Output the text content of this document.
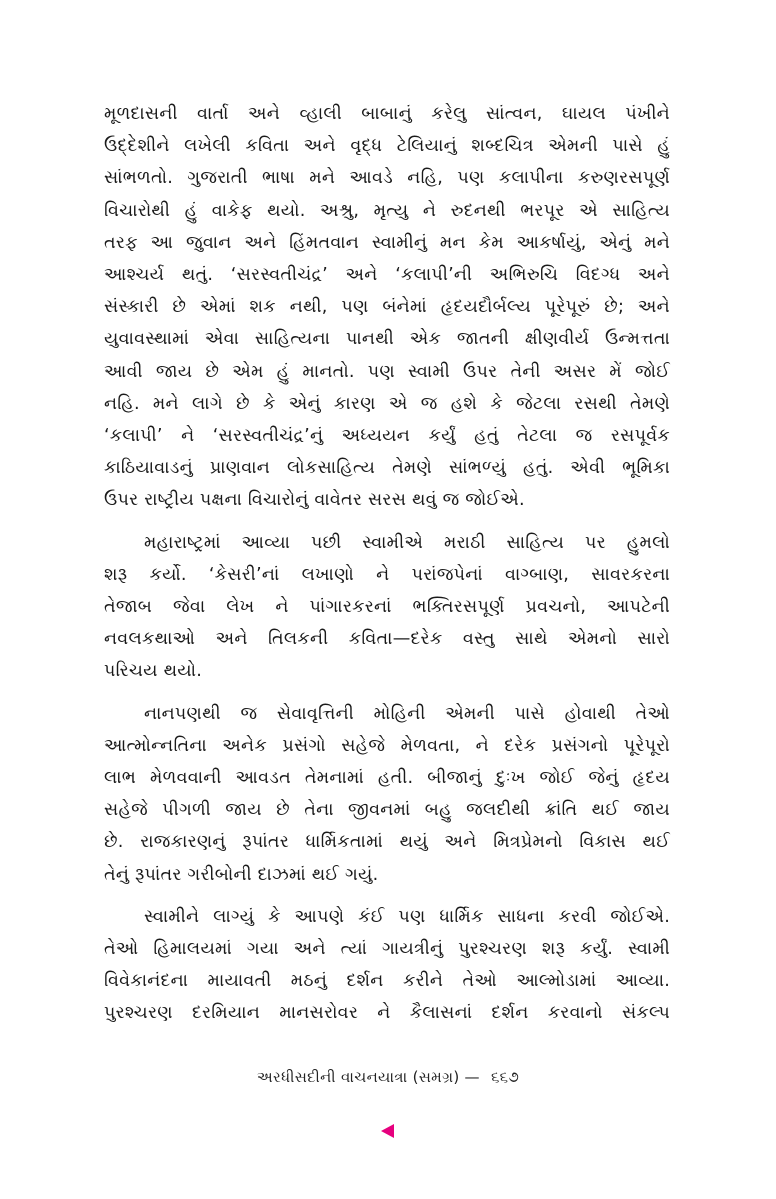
મૂળદાસની વાર્તા અને વ્હાલી બાબાનું કરેલુ સાંત્વન, ઘાયલ પંખીને
ઉદ્દેશીને લખેલી કવિતા અને વૃદ્ધ ટેલિયાનું શબ્દચિત્ર એમની પાસે હું
સાંભળતો. ગુજરાતી ભાષા મને આવડે નહિ, પણ કલાપીના કરુણરસપૂર્ણ
વિચારોથી હું વાકેફ થયો. અશ્રુ, મૃત્યુ ને રુદનથી ભરપૂર એ સાહિત્ય
તરફ આ જુવાન અને હિંમતવાન સ્વામીનું મન કેમ આકર્ષાયું, એનું મને
આશ્ચર્ય થતું. ‘સરસ્વતીચંદ્ર’ અને ‘કલાપી’ની અભિરુચિ વિદગ્ધ અને
સંસ્કારી છે એમાં શક નથી, પણ બંનેમાં હૃદયદૌર્બલ્ય પૂરેપૂરું છે; અને
યુવાવસ્થામાં એવા સાહિત્યના પાનથી એક જાતની ક્ષીણવીર્ય ઉન્મત્તતા
આવી જાય છે એમ હું માનતો. પણ સ્વામી ઉપર તેની અસર મેં જોઈ
નહિ. મને લાગે છે કે એનું કારણ એ જ હશે કે જેટલા રસથી તેમણે
‘કલાપી’ ને ‘સરસ્વતીચંદ્ર’નું અધ્યયન કર્યું હતું તેટલા જ રસપૂર્વક
કાઠિયાવાડનું પ્રાણવાન લોકસાહિત્ય તેમણે સાંભળ્યું હતું. એવી ભૂમિકા
ઉપર રાષ્ટ્રીય પક્ષના વિચારોનું વાવેતર સરસ થવું જ જોઈએ.
મહારાષ્ટ્રમાં આવ્યા પછી સ્વામીએ મરાઠી સાહિત્ય પર હુમલો
શરૂ કર્યો. ‘કેસરી’નાં લખાણો ને પરાંજપેનાં વાગ્બાણ, સાવરકરના
તેજાબ જેવા લેખ ને પાંગારકરનાં ભક્તિરસપૂર્ણ પ્રવચનો, આપટેની
નવલકથાઓ અને તિલકની કવિતા—દરેક વસ્તુ સાથે એમનો સારો
પરિચય થયો.
નાનપણથી જ સેવાવૃત્તિની મોહિની એમની પાસે હોવાથી તેઓ
આત્મોન્નતિના અનેક પ્રસંગો સહેજે મેળવતા, ને દરેક પ્રસંગનો પૂરેપૂરો
લાભ મેળવવાની આવડત તેમનામાં હતી. બીજાનું દુઃખ જોઈ જેનું હૃદય
સહેજે પીગળી જાય છે તેના જીવનમાં બહુ જલદીથી ક્રાંતિ થઈ જાય
છે. રાજકારણનું રૂપાંતર ધાર્મિકતામાં થયું અને મિત્રપ્રેમનો વિકાસ થઈ
તેનું રૂપાંતર ગરીબોની દાઝમાં થઈ ગયું.
સ્વામીને લાગ્યું કે આપણે કંઈ પણ ધાર્મિક સાધના કરવી જોઈએ.
તેઓ હિમાલયમાં ગયા અને ત્યાં ગાયત્રીનું પુરશ્ચરણ શરૂ કર્યું. સ્વામી
વિવેકાનંદના માયાવતી મઠનું દર્શન કરીને તેઓ આલ્મોડામાં આવ્યા.
પુરશ્ચરણ દરમિયાન માનસરોવર ને કૈલાસનાં દર્શન કરવાનો સંકલ્પ
અરધીસદીની વાચનયાત્રા (સમગ્ર) — ૬૬૭
